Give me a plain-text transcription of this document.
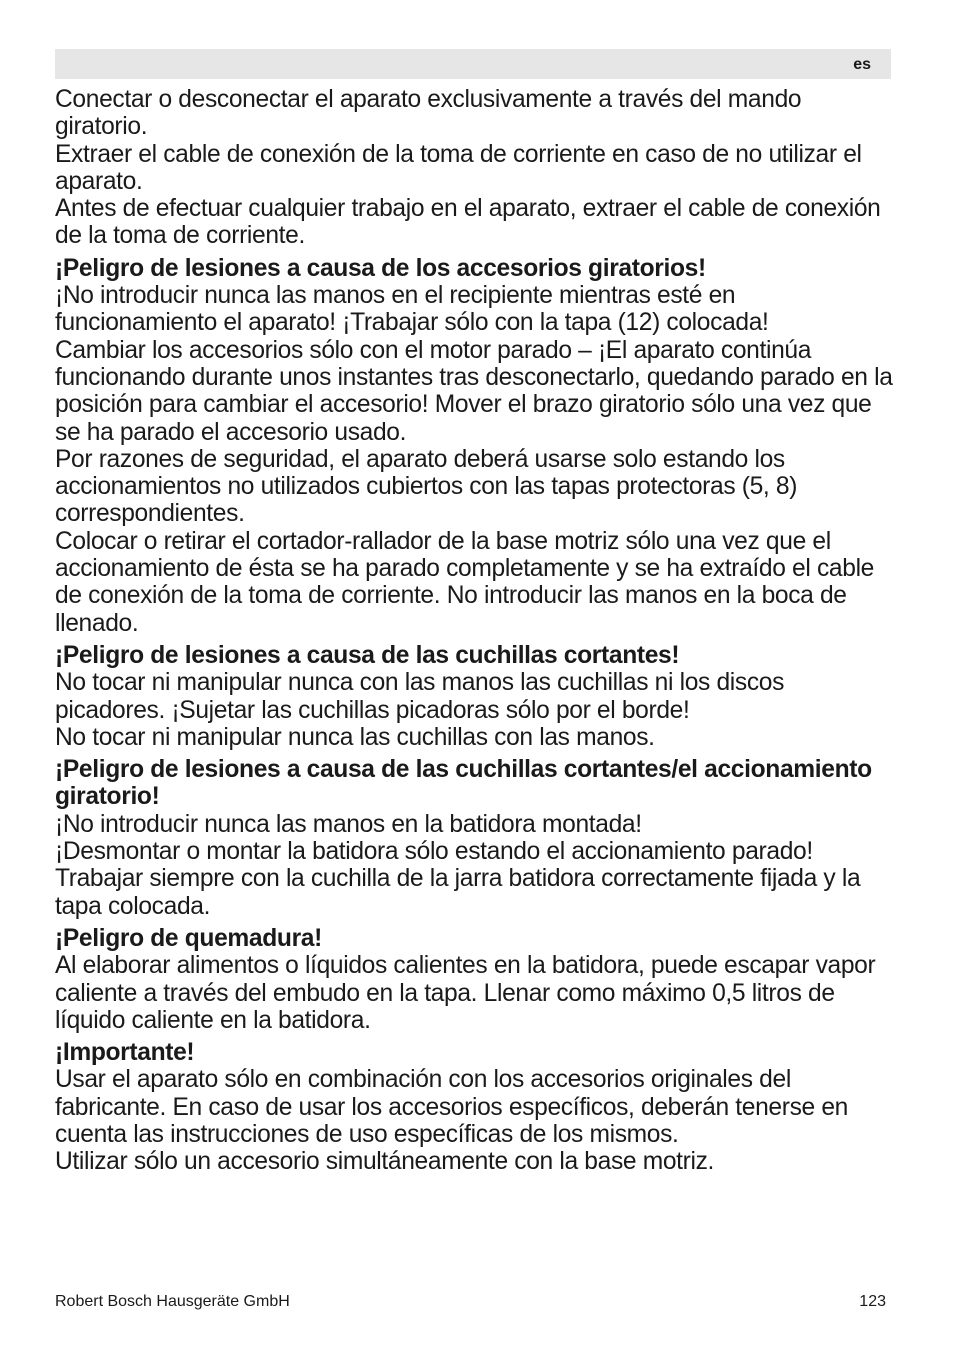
es

Conectar o desconectar el aparato exclusivamente a través del mando giratorio.

Extraer el cable de conexión de la toma de corriente en caso de no utilizar el aparato.

Antes de efectuar cualquier trabajo en el aparato, extraer el cable de conexión de la toma de corriente.

¡Peligro de lesiones a causa de los accesorios giratorios!

¡No introducir nunca las manos en el recipiente mientras esté en funcionamiento el aparato! ¡Trabajar sólo con la tapa (12) colocada!

Cambiar los accesorios sólo con el motor parado – ¡El aparato continúa funcionando durante unos instantes tras desconectarlo, quedando parado en la posición para cambiar el accesorio! Mover el brazo giratorio sólo una vez que se ha parado el accesorio usado.

Por razones de seguridad, el aparato deberá usarse solo estando los accionamientos no utilizados cubiertos con las tapas protectoras (5, 8) correspondientes.

Colocar o retirar el cortador-rallador de la base motriz sólo una vez que el accionamiento de ésta se ha parado completamente y se ha extraído el cable de conexión de la toma de corriente. No introducir las manos en la boca de llenado.

¡Peligro de lesiones a causa de las cuchillas cortantes!

No tocar ni manipular nunca con las manos las cuchillas ni los discos picadores. ¡Sujetar las cuchillas picadoras sólo por el borde!

No tocar ni manipular nunca las cuchillas con las manos.

¡Peligro de lesiones a causa de las cuchillas cortantes/el accionamiento giratorio!

¡No introducir nunca las manos en la batidora montada!

¡Desmontar o montar la batidora sólo estando el accionamiento parado!

Trabajar siempre con la cuchilla de la jarra batidora correctamente fijada y la tapa colocada.

¡Peligro de quemadura!

Al elaborar alimentos o líquidos calientes en la batidora, puede escapar vapor caliente a través del embudo en la tapa. Llenar como máximo 0,5 litros de líquido caliente en la batidora.

¡Importante!

Usar el aparato sólo en combinación con los accesorios originales del fabricante. En caso de usar los accesorios específicos, deberán tenerse en cuenta las instrucciones de uso específicas de los mismos.

Utilizar sólo un accesorio simultáneamente con la base motriz.

Robert Bosch Hausgeräte GmbH	123
